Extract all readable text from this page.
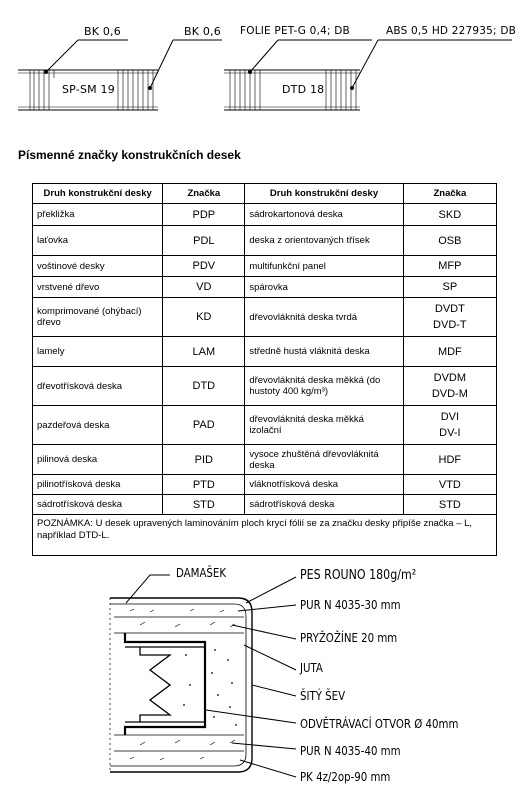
BK 0,6	BK 0,6 FOLIE PET-G 0,4; DB	ABS 0,5 HD 227935; DB
SP-SM 19	DTD 18
Písmenné značky konstrukčních desek
Druh konstrukční desky	Značka	Druh konstrukční desky	Značka
překližka	PDP	sádrokartonová deska	SKD
laťovka	PDL	deska z orientovaných třísek	OSB
voštinové desky	PDV	multifunkční panel	MFP
vrstvené dřevo	VD	spárovka	SP
komprimované (ohýbací) dřevo	KD	dřevovláknitá deska tvrdá	DVDT
DVD-T

lamely	LAM	středně hustá vláknitá deska	MDF
dřevotřísková deska	DTD	dřevovláknitá deska měkká (do hustoty 400 kg/m³)	DVDM
DVD-M

pazdeřová deska	PAD	dřevovláknitá deska měkká izolační	DVI
DV-I

pilinová deska	PID	vysoce zhuštěná dřevovláknitá deska	HDF
pilinotřísková deska	PTD	vláknotřísková deska	VTD
sádrotřísková deska	STD	sádrotřísková deska	STD
POZNÁMKA: U desek upravených laminováním ploch krycí fólií se za značku desky připíše značka – L, například DTD-L.			
DAMAŠEK	PES ROUNO 180g/m²
PUR N 4035-30 mm
PRYŽOŽÍNE 20 mm
JUTA
ŠITÝ ŠEV
ODVĚTRÁVACÍ OTVOR Ø 40mm
PUR N 4035-40 mm
PK 4z/2op-90 mm
